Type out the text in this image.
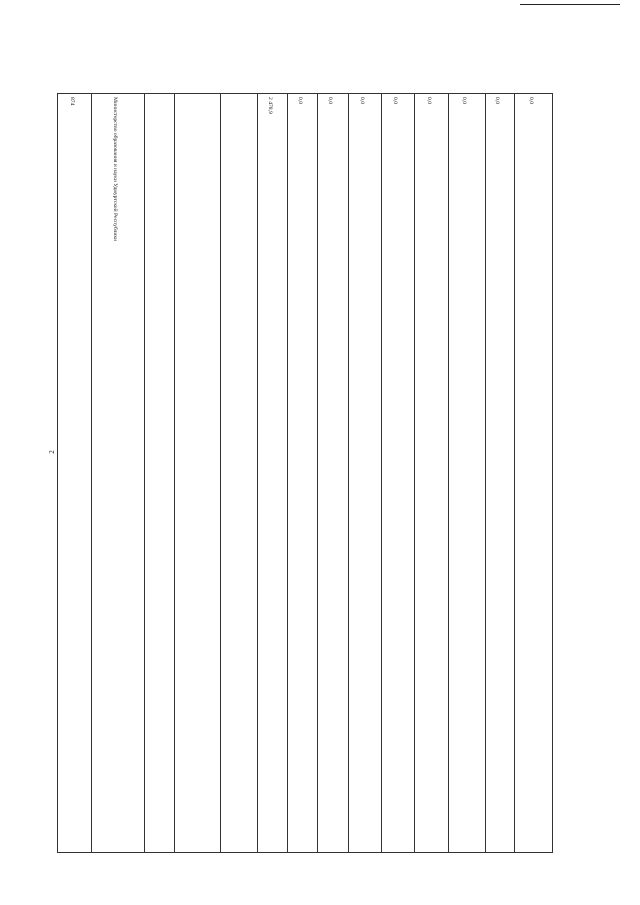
2
874	Министерство образования и науки Удмуртской Республики				2 478,9	0,0	0,0	0,0	0,0	0,0	0,0	0,0	0,0
